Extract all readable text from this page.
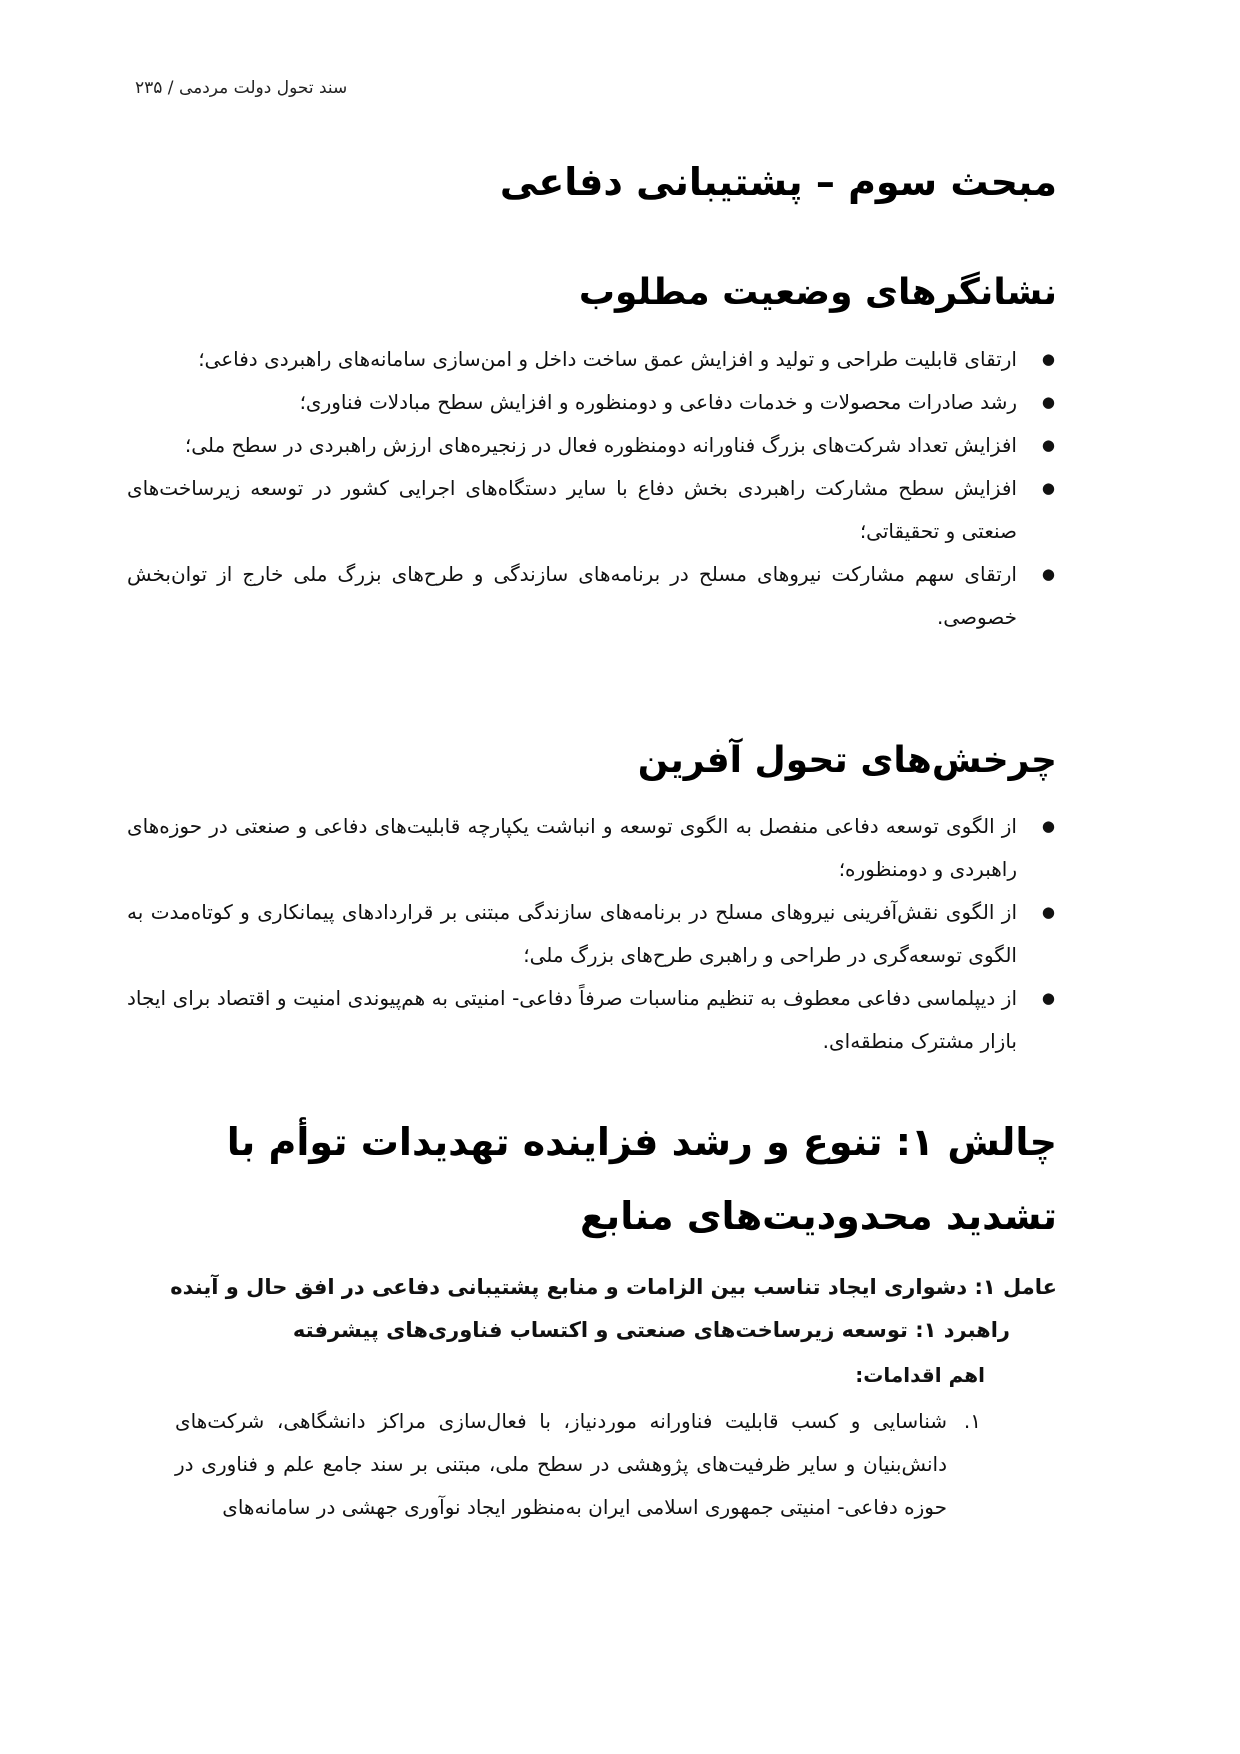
سند تحول دولت مردمی / ۲۳۵
مبحث سوم – پشتیبانی دفاعی
نشانگرهای وضعیت مطلوب
● ارتقای قابلیت طراحی و تولید و افزایش عمق ساخت داخل و امن‌سازی سامانه‌های راهبردی دفاعی؛
● رشد صادرات محصولات و خدمات دفاعی و دومنظوره و افزایش سطح مبادلات فناوری؛
● افزایش تعداد شرکت‌های بزرگ فناورانه دومنظوره فعال در زنجیره‌های ارزش راهبردی در سطح ملی؛
● افزایش سطح مشارکت راهبردی بخش دفاع با سایر دستگاه‌های اجرایی کشور در توسعه زیرساخت‌های صنعتی و تحقیقاتی؛
● ارتقای سهم مشارکت نیروهای مسلح در برنامه‌های سازندگی و طرح‌های بزرگ ملی خارج از توان‌بخش خصوصی.
چرخش‌های تحول آفرین
● از الگوی توسعه دفاعی منفصل به الگوی توسعه و انباشت یکپارچه قابلیت‌های دفاعی و صنعتی در حوزه‌های راهبردی و دومنظوره؛
● از الگوی نقش‌آفرینی نیروهای مسلح در برنامه‌های سازندگی مبتنی بر قراردادهای پیمانکاری و کوتاه‌مدت به الگوی توسعه‌گری در طراحی و راهبری طرح‌های بزرگ ملی؛
● از دیپلماسی دفاعی معطوف به تنظیم مناسبات صرفاً دفاعی- امنیتی به هم‌پیوندی امنیت و اقتصاد برای ایجاد بازار مشترک منطقه‌ای.
چالش ۱: تنوع و رشد فزاینده تهدیدات توأم با تشدید محدودیت‌های منابع
عامل ۱: دشواری ایجاد تناسب بین الزامات و منابع پشتیبانی دفاعی در افق حال و آینده
راهبرد ۱: توسعه زیرساخت‌های صنعتی و اکتساب فناوری‌های پیشرفته
اهم اقدامات:
۱.
شناسایی و کسب قابلیت فناورانه موردنیاز، با فعال‌سازی مراکز دانشگاهی، شرکت‌های دانش‌بنیان و سایر ظرفیت‌های پژوهشی در سطح ملی، مبتنی بر سند جامع علم و فناوری در حوزه دفاعی- امنیتی جمهوری اسلامی ایران به‌منظور ایجاد نوآوری جهشی در سامانه‌های
